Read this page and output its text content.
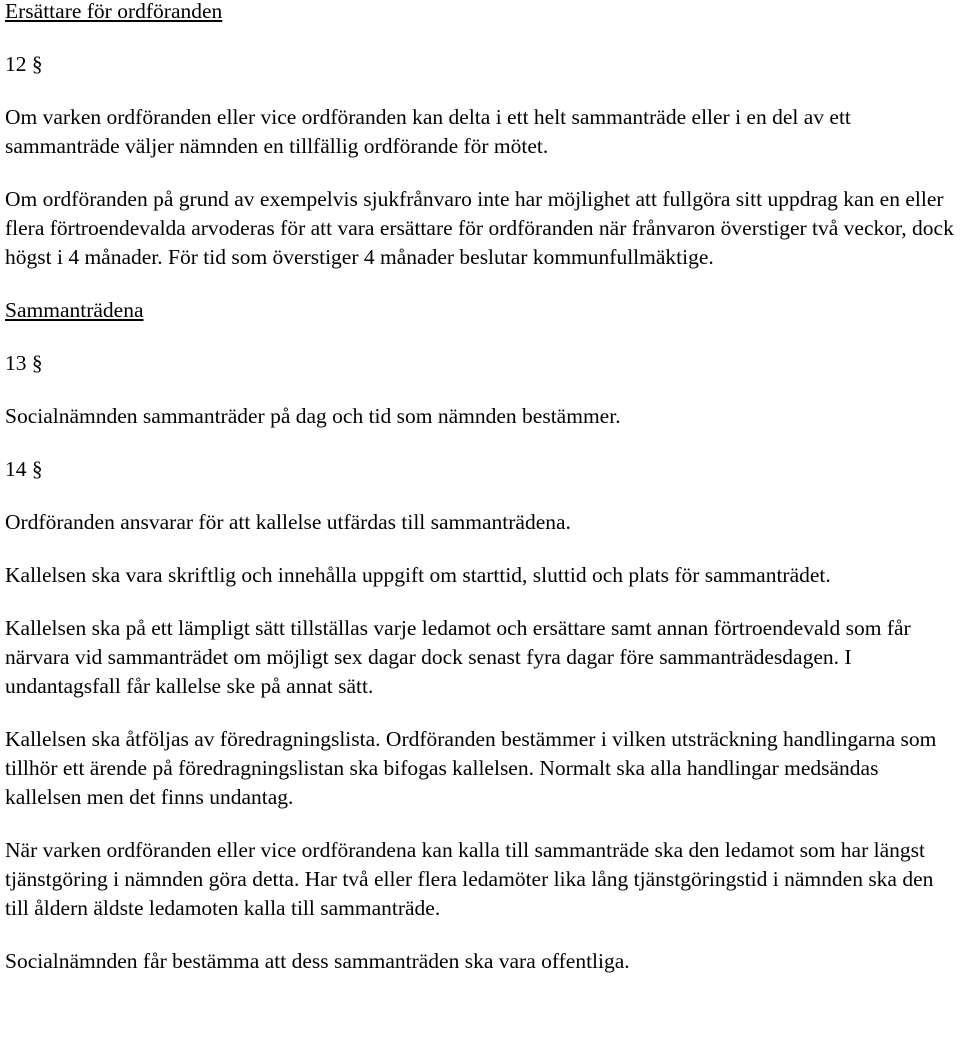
Ersättare för ordföranden
12 §
Om varken ordföranden eller vice ordföranden kan delta i ett helt sammanträde eller i en del av ett sammanträde väljer nämnden en tillfällig ordförande för mötet.
Om ordföranden på grund av exempelvis sjukfrånvaro inte har möjlighet att fullgöra sitt uppdrag kan en eller flera förtroendevalda arvoderas för att vara ersättare för ordföranden när frånvaron överstiger två veckor, dock högst i 4 månader. För tid som överstiger 4 månader beslutar kommunfullmäktige.
Sammanträdena
13 §
Socialnämnden sammanträder på dag och tid som nämnden bestämmer.
14 §
Ordföranden ansvarar för att kallelse utfärdas till sammanträdena.
Kallelsen ska vara skriftlig och innehålla uppgift om starttid, sluttid och plats för sammanträdet.
Kallelsen ska på ett lämpligt sätt tillställas varje ledamot och ersättare samt annan förtroendevald som får närvara vid sammanträdet om möjligt sex dagar dock senast fyra dagar före sammanträdesdagen. I undantagsfall får kallelse ske på annat sätt.
Kallelsen ska åtföljas av föredragningslista. Ordföranden bestämmer i vilken utsträckning handlingarna som tillhör ett ärende på föredragningslistan ska bifogas kallelsen. Normalt ska alla handlingar medsändas kallelsen men det finns undantag.
När varken ordföranden eller vice ordförandena kan kalla till sammanträde ska den ledamot som har längst tjänstgöring i nämnden göra detta. Har två eller flera ledamöter lika lång tjänstgöringstid i nämnden ska den till åldern äldste ledamoten kalla till sammanträde.
Socialnämnden får bestämma att dess sammanträden ska vara offentliga.
